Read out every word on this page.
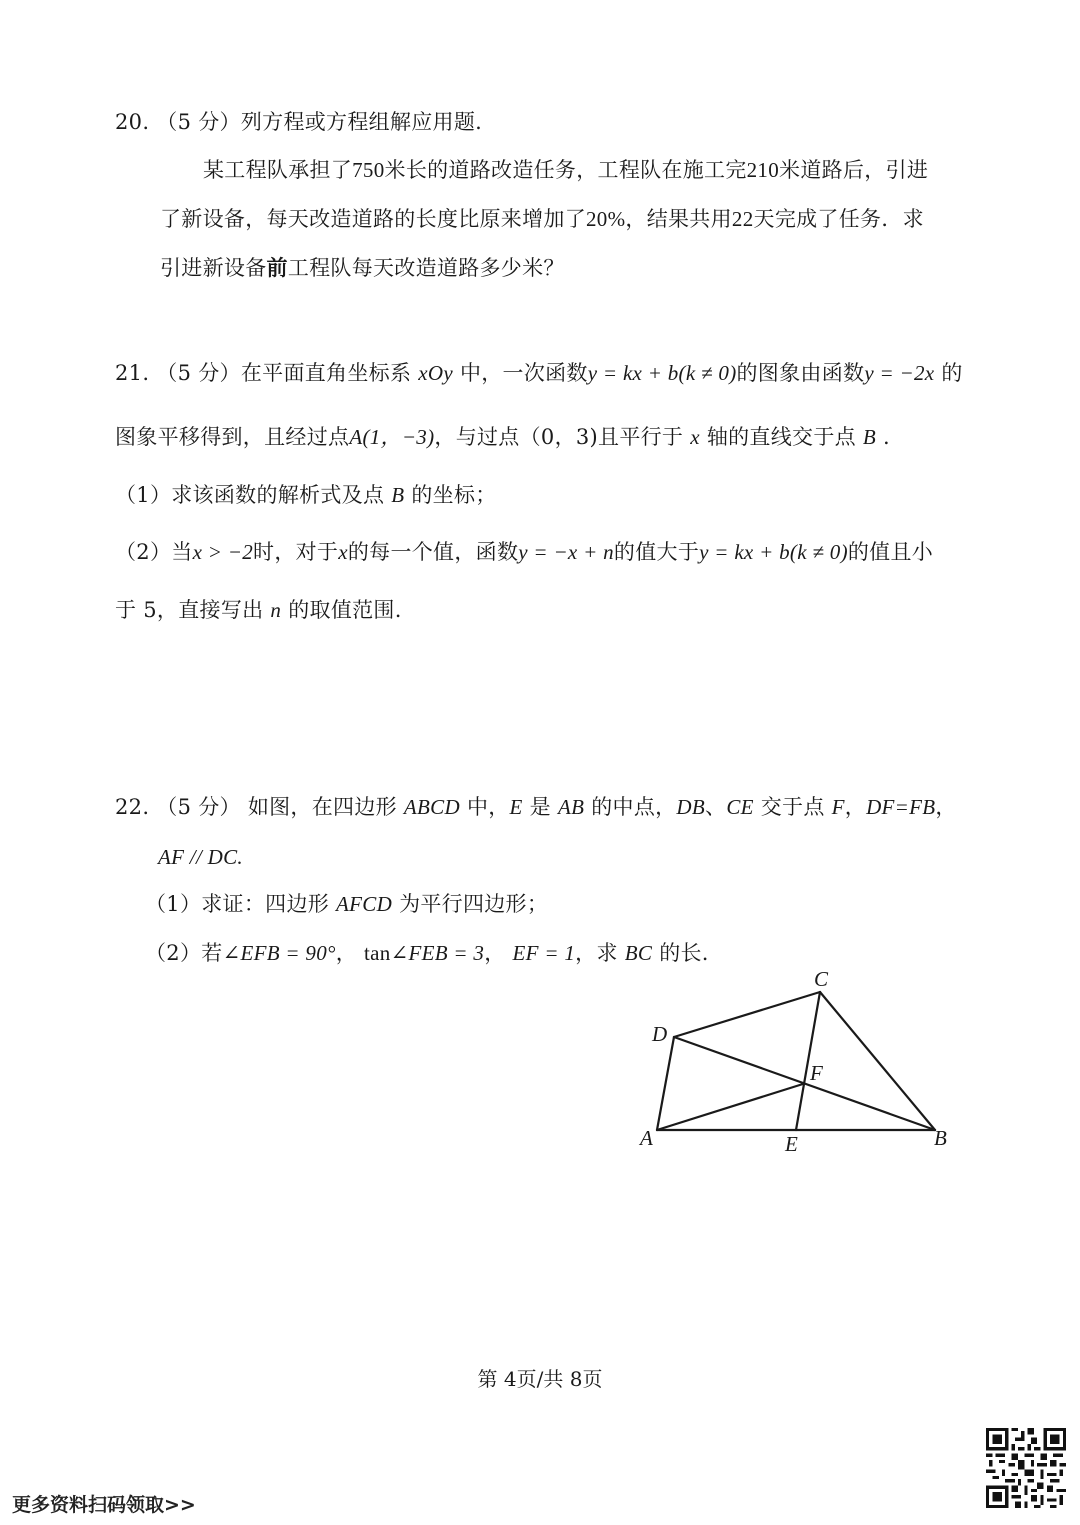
20. （5 分）列方程或方程组解应用题.
某工程队承担了750米长的道路改造任务，工程队在施工完210米道路后，引进
了新设备，每天改造道路的长度比原来增加了20%，结果共用22天完成了任务．求
引进新设备前工程队每天改造道路多少米？
21. （5 分）在平面直角坐标系 xOy 中，一次函数y = kx + b(k ≠ 0)的图象由函数y = −2x 的
图象平移得到，且经过点A(1，−3)，与过点（0，3)且平行于 x 轴的直线交于点 B .
（1）求该函数的解析式及点 B 的坐标；
（2）当x > −2时，对于x的每一个值，函数y = −x + n的值大于y = kx + b(k ≠ 0)的值且小
于 5，直接写出 n 的取值范围.
22. （5 分） 如图，在四边形 ABCD 中，E 是 AB 的中点，DB、CE 交于点 F，DF=FB，
AF // DC.
（1）求证：四边形 AFCD 为平行四边形；
（2）若∠EFB = 90°， tan∠FEB = 3， EF = 1，求 BC 的长.
A	B
C
D
E
F
第 4页/共 8页
更多资料扫码领取>>
